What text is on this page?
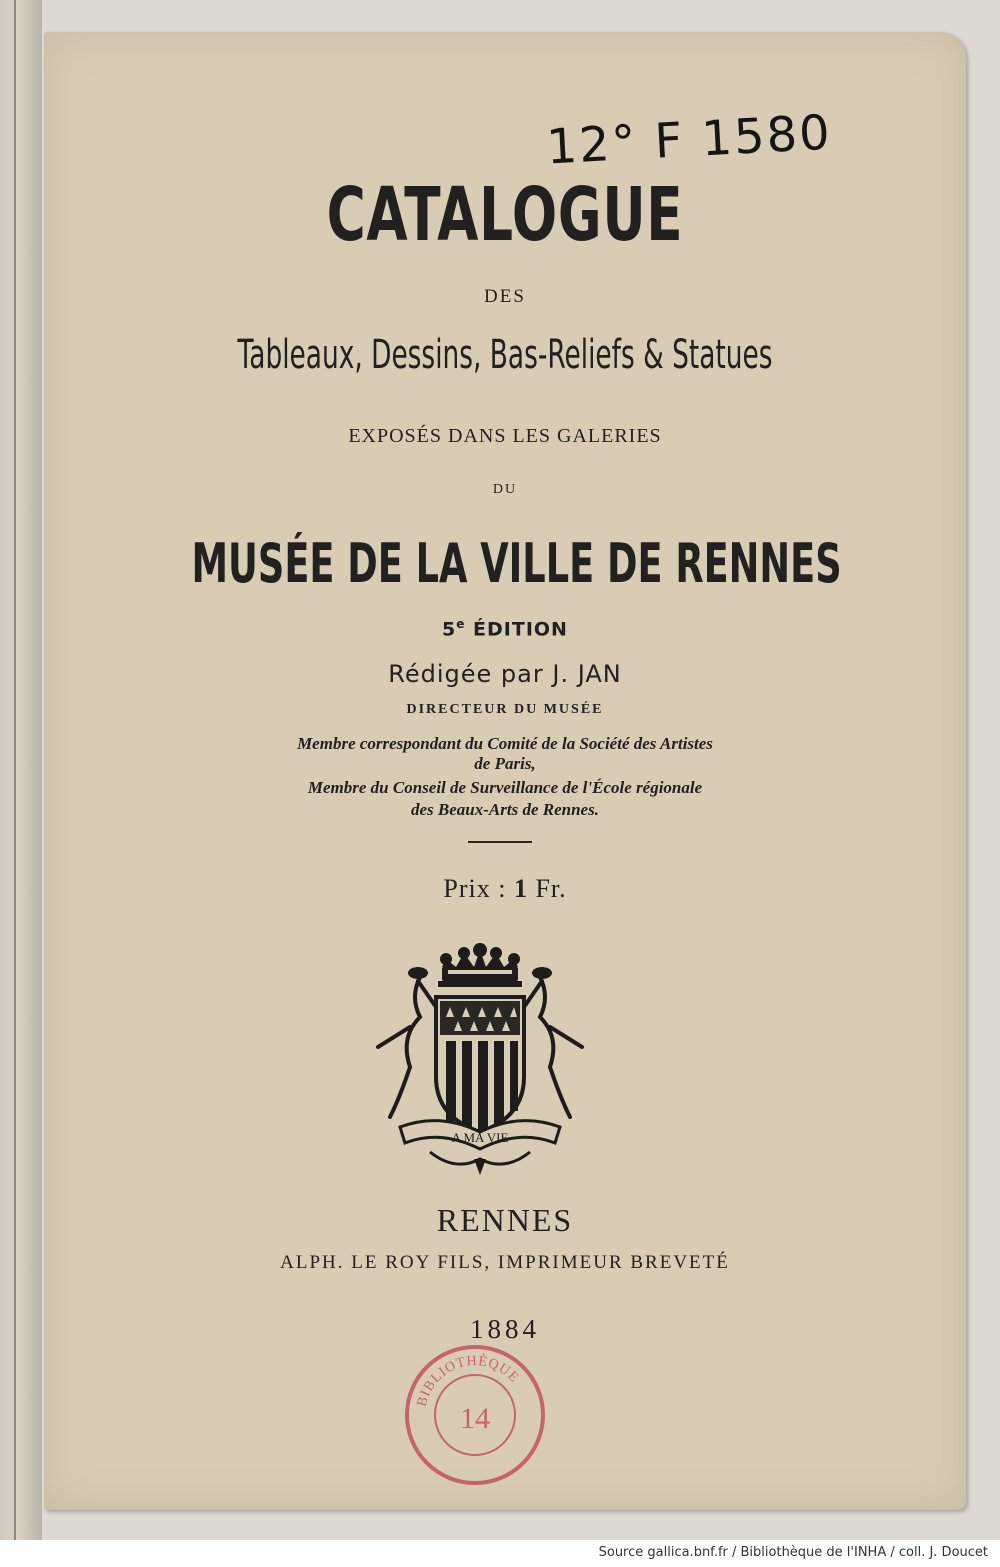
12° F 1580
CATALOGUE
DES
Tableaux, Dessins, Bas-Reliefs & Statues
EXPOSÉS DANS LES GALERIES
DU
MUSÉE DE LA VILLE DE RENNES
5e ÉDITION
Rédigée par J. JAN
DIRECTEUR DU MUSÉE
Membre correspondant du Comité de la Société des Artistes
de Paris,
Membre du Conseil de Surveillance de l'École régionale
des Beaux-Arts de Rennes.
Prix : 1 Fr.
A MA VIE
RENNES
ALPH. LE ROY FILS, IMPRIMEUR BREVETÉ
1884
BIBLIOTHÈQUE
14
Source gallica.bnf.fr / Bibliothèque de l'INHA / coll. J. Doucet
